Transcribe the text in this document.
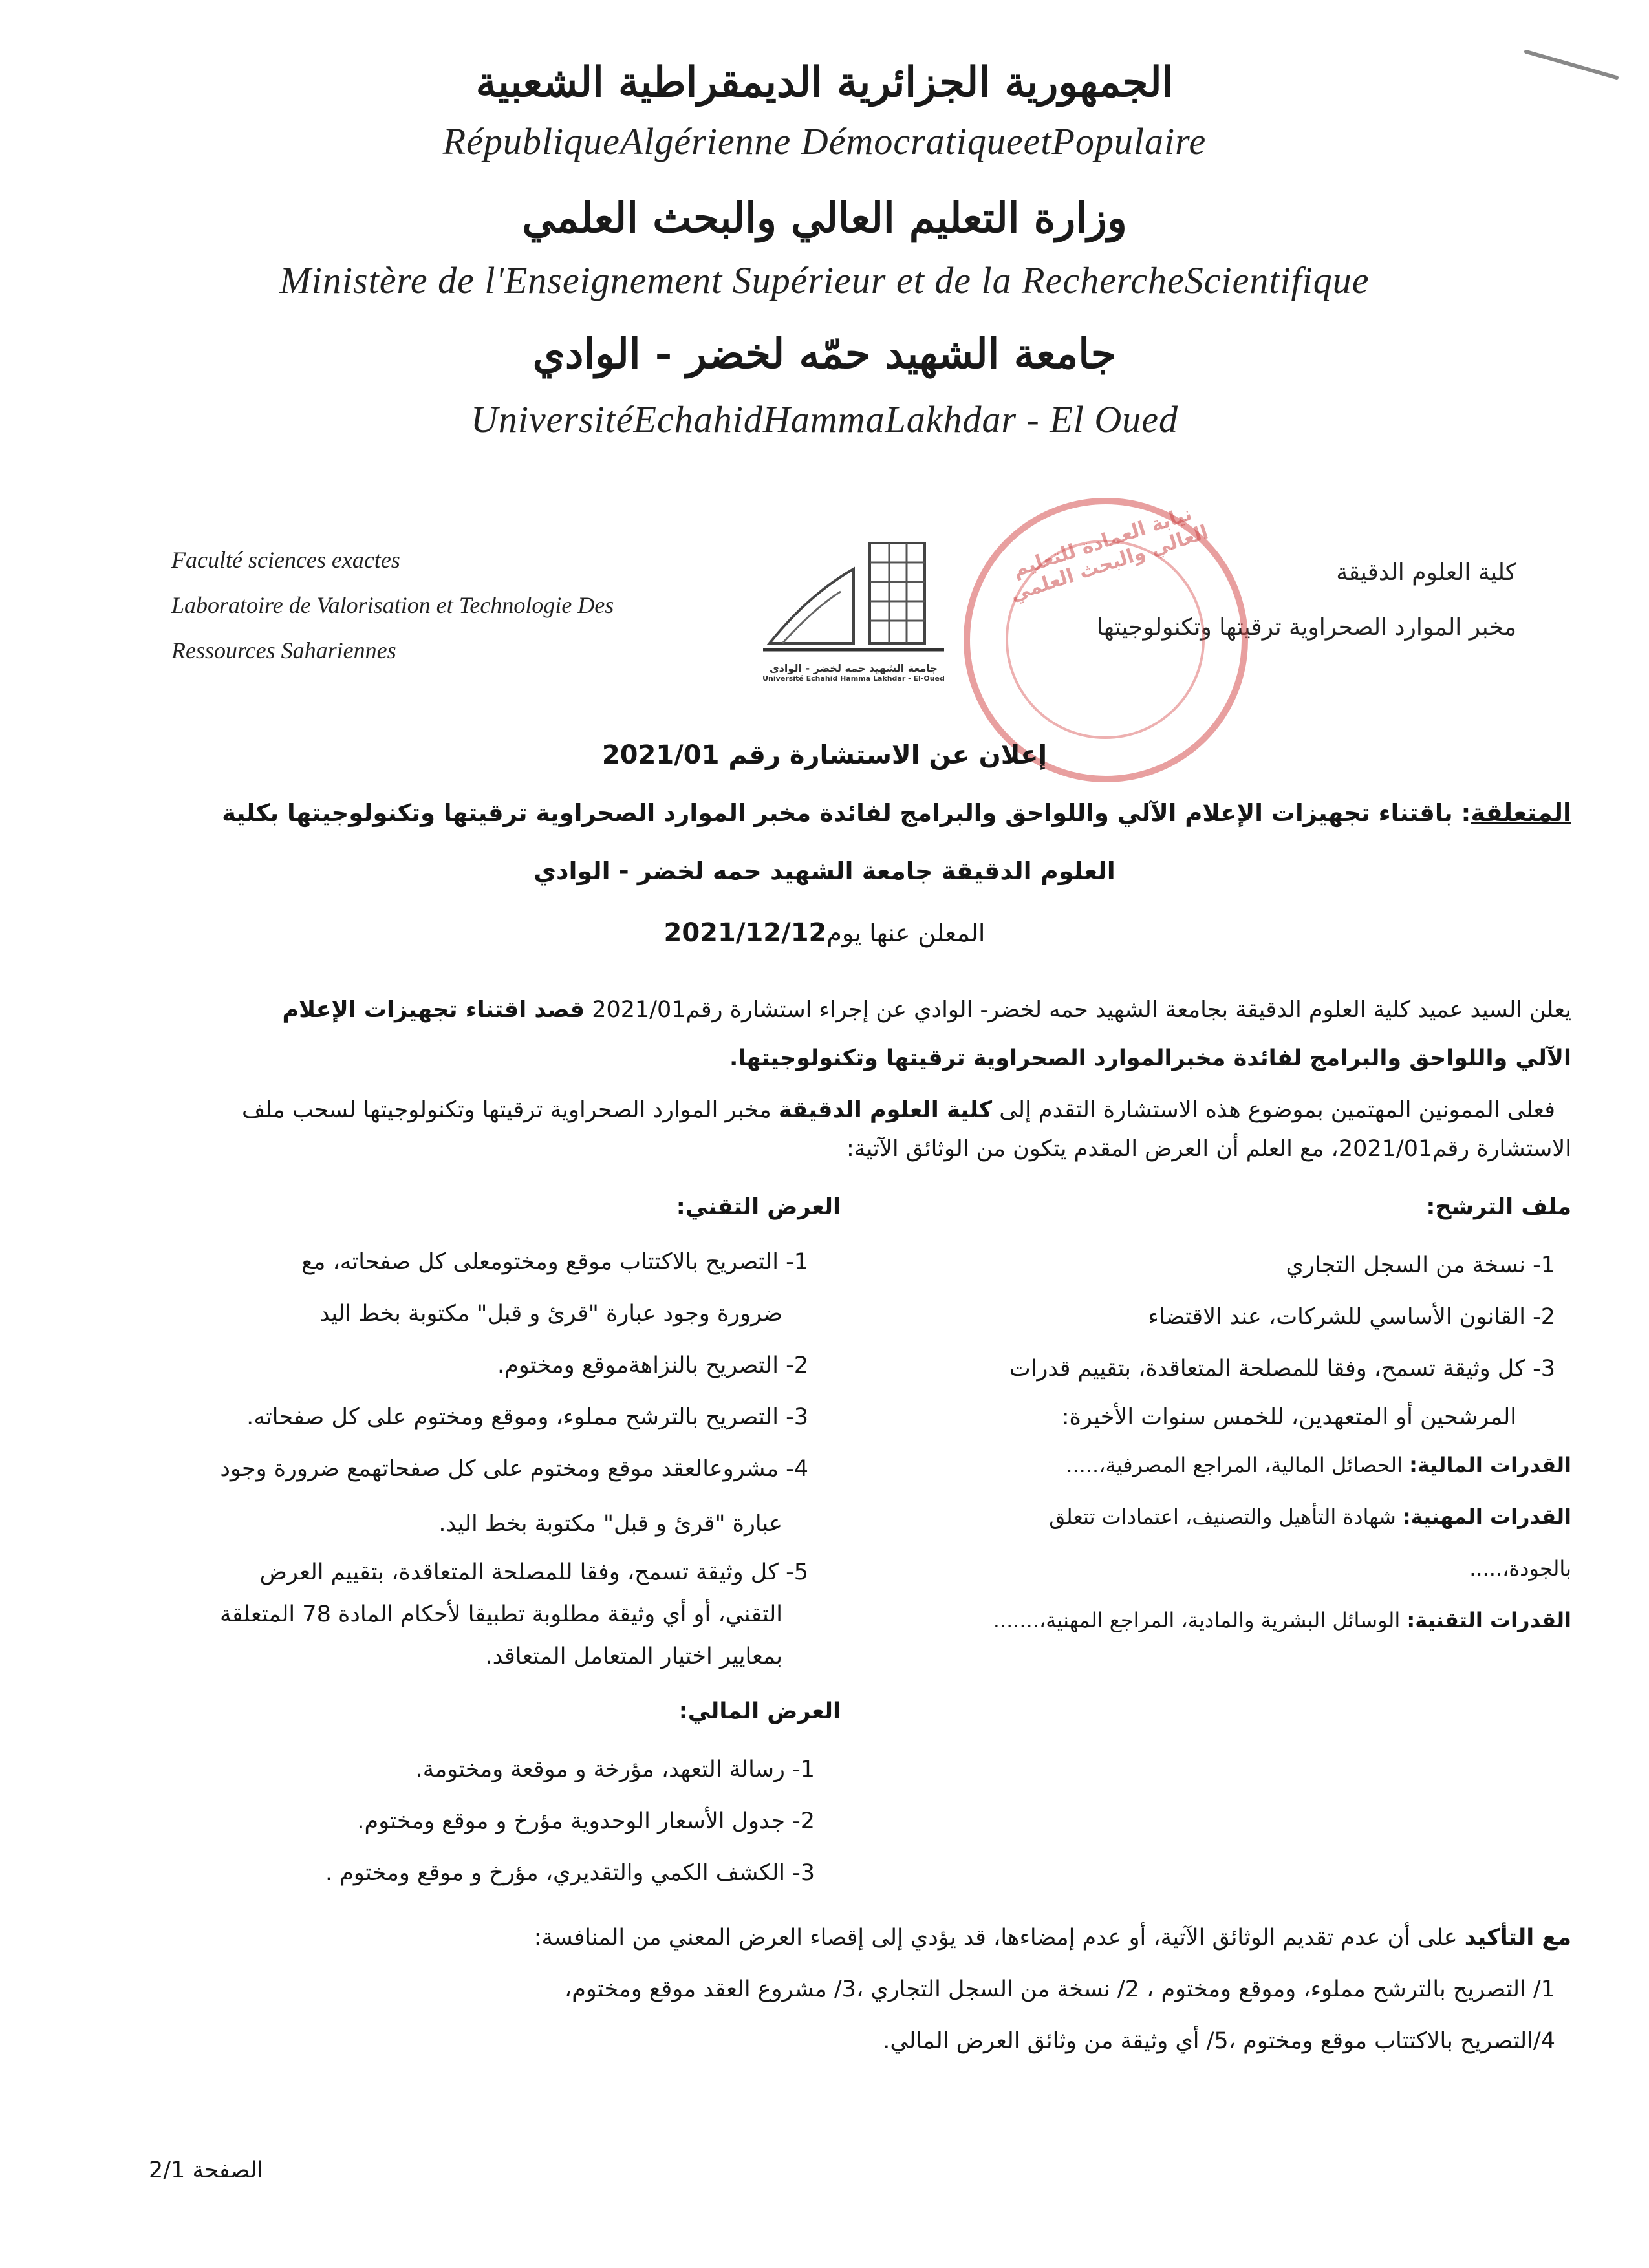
الجمهورية الجزائرية الديمقراطية الشعبية
RépubliqueAlgérienne DémocratiqueetPopulaire
وزارة التعليم العالي والبحث العلمي
Ministère de l'Enseignement Supérieur et de la RechercheScientifique
جامعة الشهيد حمّه لخضر - الوادي
UniversitéEchahidHammaLakhdar - El Oued
Faculté sciences exactes
Laboratoire de Valorisation et Technologie Des
Ressources Sahariennes
كلية العلوم الدقيقة
مخبر الموارد الصحراوية ترقيتها وتكنولوجيتها
جامعة الشهيد حمه لخضر - الوادي
Université Echahid Hamma Lakhdar - El-Oued
نيابة العمادة للتعليم العالي والبحث العلمي
إعلان عن الاستشارة رقم 2021/01
المتعلقة: باقتناء تجهيزات الإعلام الآلي واللواحق والبرامج لفائدة مخبر الموارد الصحراوية ترقيتها وتكنولوجيتها بكلية
العلوم الدقيقة جامعة الشهيد حمه لخضر - الوادي
المعلن عنها يوم2021/12/12
يعلن السيد عميد كلية العلوم الدقيقة بجامعة الشهيد حمه لخضر- الوادي عن إجراء استشارة رقم2021/01 قصد اقتناء تجهيزات الإعلام
الآلي واللواحق والبرامج لفائدة مخبرالموارد الصحراوية ترقيتها وتكنولوجيتها.
فعلى الممونين المهتمين بموضوع هذه الاستشارة التقدم إلى كلية العلوم الدقيقة مخبر الموارد الصحراوية ترقيتها وتكنولوجيتها لسحب ملف
الاستشارة رقم2021/01، مع العلم أن العرض المقدم يتكون من الوثائق الآتية:
ملف الترشح:
1- نسخة من السجل التجاري
2- القانون الأساسي للشركات، عند الاقتضاء
3- كل وثيقة تسمح، وفقا للمصلحة المتعاقدة، بتقييم قدرات
المرشحين أو المتعهدين، للخمس سنوات الأخيرة:
القدرات المالية: الحصائل المالية، المراجع المصرفية،.....
القدرات المهنية: شهادة التأهيل والتصنيف، اعتمادات تتعلق
بالجودة،.....
القدرات التقنية: الوسائل البشرية والمادية، المراجع المهنية،.......
العرض التقني:
1- التصريح بالاكتتاب موقع ومختومعلى كل صفحاته، مع
ضرورة وجود عبارة "قرئ و قبل" مكتوبة بخط اليد
2- التصريح بالنزاهةموقع ومختوم.
3- التصريح بالترشح مملوء، وموقع ومختوم على كل صفحاته.
4- مشروعالعقد موقع ومختوم على كل صفحاتهمع ضرورة وجود
عبارة "قرئ و قبل" مكتوبة بخط اليد.
5- كل وثيقة تسمح، وفقا للمصلحة المتعاقدة، بتقييم العرض
التقني، أو أي وثيقة مطلوبة تطبيقا لأحكام المادة 78 المتعلقة
بمعايير اختيار المتعامل المتعاقد.
العرض المالي:
1- رسالة التعهد، مؤرخة و موقعة ومختومة.
2- جدول الأسعار الوحدوية مؤرخ و موقع ومختوم.
3- الكشف الكمي والتقديري، مؤرخ و موقع ومختوم .
مع التأكيد على أن عدم تقديم الوثائق الآتية، أو عدم إمضاءها، قد يؤدي إلى إقصاء العرض المعني من المنافسة:
1/ التصريح بالترشح مملوء، وموقع ومختوم ، 2/ نسخة من السجل التجاري ،3/ مشروع العقد موقع ومختوم،
4/التصريح بالاكتتاب موقع ومختوم ،5/ أي وثيقة من وثائق العرض المالي.
الصفحة 2/1
